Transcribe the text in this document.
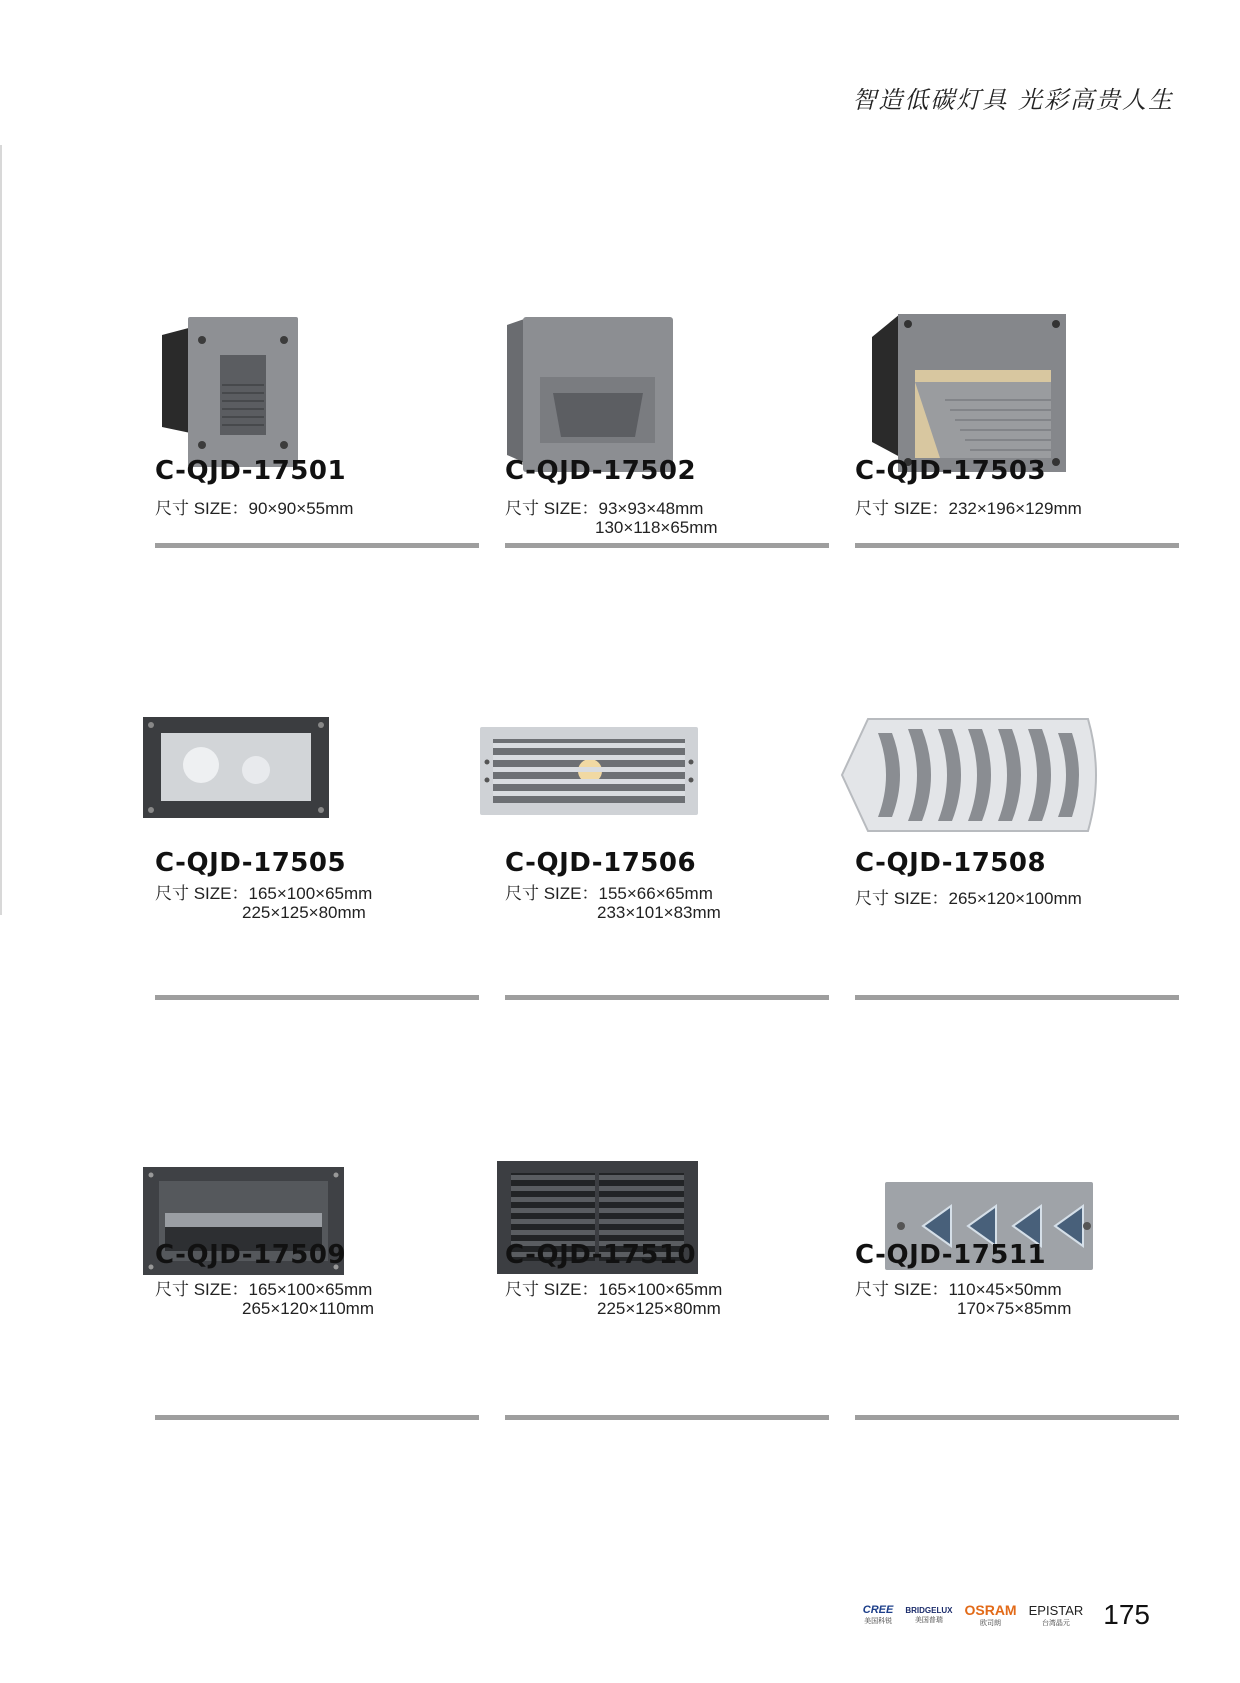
智造低碳灯具 光彩高贵人生
C-QJD-17501
尺寸 SIZE：90×90×55mm
C-QJD-17502
尺寸 SIZE：93×93×48mm
130×118×65mm
C-QJD-17503
尺寸 SIZE：232×196×129mm
C-QJD-17505
尺寸 SIZE：165×100×65mm
225×125×80mm
C-QJD-17506
尺寸 SIZE：155×66×65mm
233×101×83mm
C-QJD-17508
尺寸 SIZE：265×120×100mm
C-QJD-17509
尺寸 SIZE：165×100×65mm
265×120×110mm
C-QJD-17510
尺寸 SIZE：165×100×65mm
225×125×80mm
C-QJD-17511
尺寸 SIZE：110×45×50mm
170×75×85mm
CREE
美国科锐
BRIDGELUX
美国普瑞
OSRAM
欧司朗
EPISTAR
台湾晶元 175
